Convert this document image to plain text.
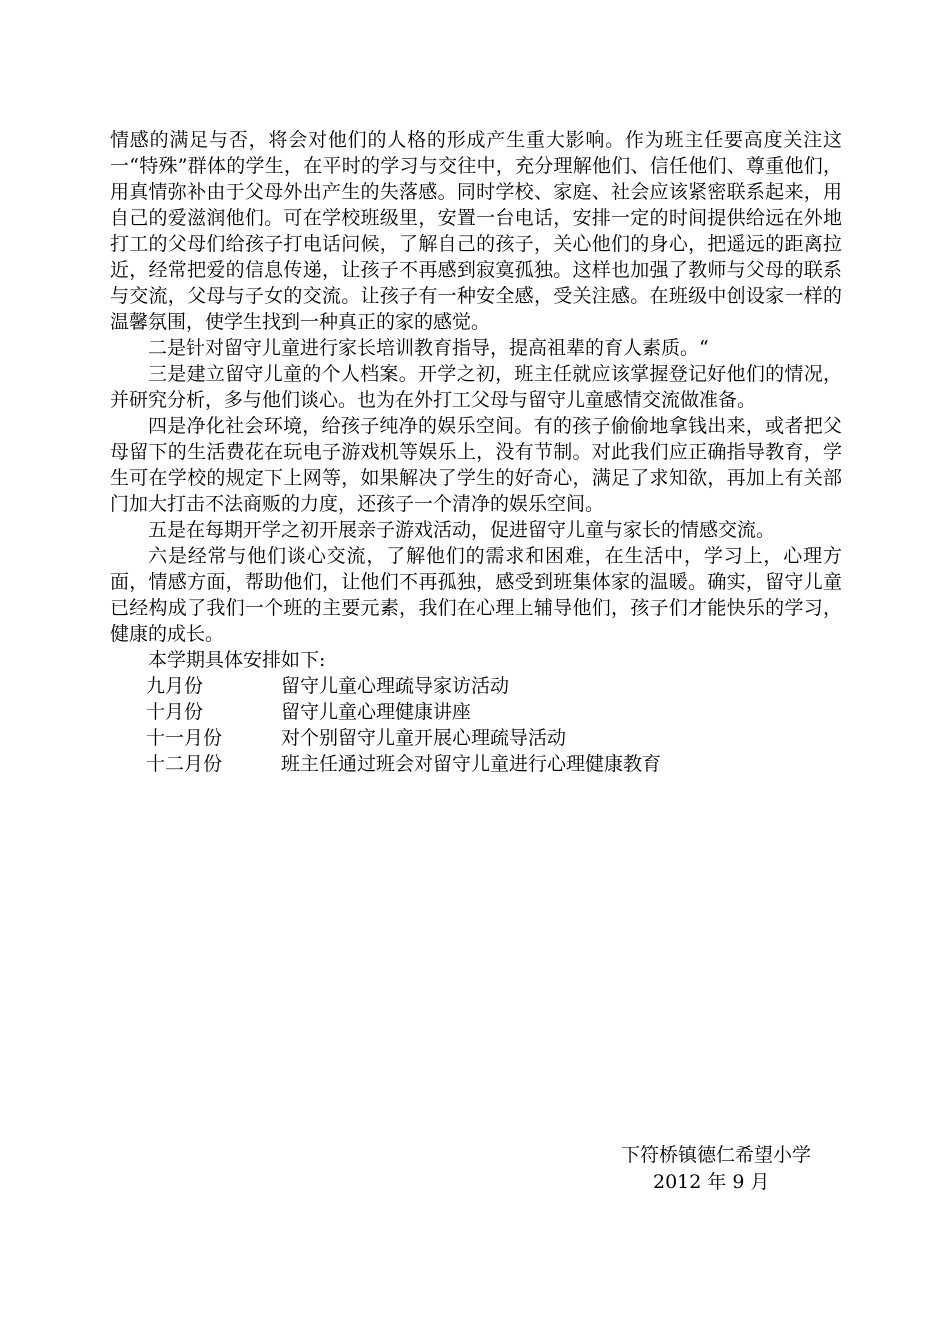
情感的满足与否，将会对他们的人格的形成产生重大影响。作为班主任要高度关注这一“特殊”群体的学生，在平时的学习与交往中，充分理解他们、信任他们、尊重他们，用真情弥补由于父母外出产生的失落感。同时学校、家庭、社会应该紧密联系起来，用自己的爱滋润他们。可在学校班级里，安置一台电话，安排一定的时间提供给远在外地打工的父母们给孩子打电话问候，了解自己的孩子，关心他们的身心，把遥远的距离拉近，经常把爱的信息传递，让孩子不再感到寂寞孤独。这样也加强了教师与父母的联系与交流，父母与子女的交流。让孩子有一种安全感，受关注感。在班级中创设家一样的温馨氛围，使学生找到一种真正的家的感觉。

二是针对留守儿童进行家长培训教育指导，提高祖辈的育人素质。“

三是建立留守儿童的个人档案。开学之初，班主任就应该掌握登记好他们的情况，并研究分析，多与他们谈心。也为在外打工父母与留守儿童感情交流做准备。

四是净化社会环境，给孩子纯净的娱乐空间。有的孩子偷偷地拿钱出来，或者把父母留下的生活费花在玩电子游戏机等娱乐上，没有节制。对此我们应正确指导教育，学生可在学校的规定下上网等，如果解决了学生的好奇心，满足了求知欲，再加上有关部门加大打击不法商贩的力度，还孩子一个清净的娱乐空间。

五是在每期开学之初开展亲子游戏活动，促进留守儿童与家长的情感交流。

六是经常与他们谈心交流，了解他们的需求和困难，在生活中，学习上，心理方面，情感方面，帮助他们，让他们不再孤独，感受到班集体家的温暖。确实，留守儿童已经构成了我们一个班的主要元素，我们在心理上辅导他们，孩子们才能快乐的学习，健康的成长。

本学期具体安排如下:

九月份	留守儿童心理疏导家访活动
十月份	留守儿童心理健康讲座
十一月份	对个别留守儿童开展心理疏导活动
十二月份	班主任通过班会对留守儿童进行心理健康教育
下符桥镇德仁希望小学
2012 年 9 月
